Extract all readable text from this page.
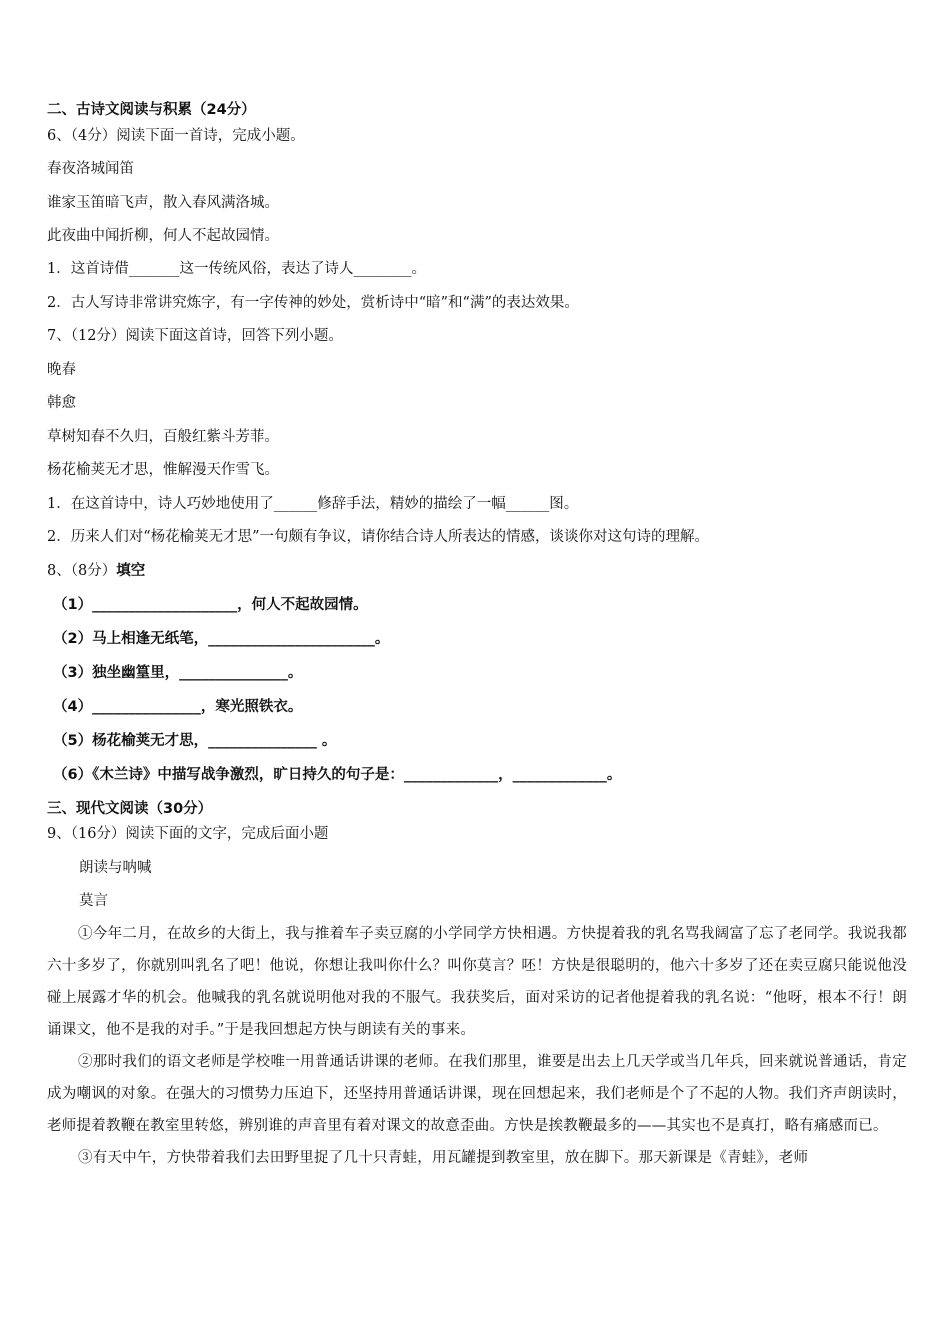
二、古诗文阅读与积累（24分）
6、（4分）阅读下面一首诗，完成小题。
春夜洛城闻笛
谁家玉笛暗飞声，散入春风满洛城。
此夜曲中闻折柳，何人不起故园情。
1．这首诗借_______这一传统风俗，表达了诗人________。
2．古人写诗非常讲究炼字，有一字传神的妙处，赏析诗中“暗”和“满”的表达效果。
7、（12分）阅读下面这首诗，回答下列小题。
晚春
韩愈
草树知春不久归，百般红紫斗芳菲。
杨花榆荚无才思，惟解漫天作雪飞。
1．在这首诗中，诗人巧妙地使用了______修辞手法，精妙的描绘了一幅______图。
2．历来人们对“杨花榆荚无才思”一句颇有争议，请你结合诗人所表达的情感，谈谈你对这句诗的理解。
8、（8分）填空
（1）____________________，何人不起故园情。
（2）马上相逢无纸笔，_______________________。
（3）独坐幽篁里，_______________。
（4）_______________，寒光照铁衣。
（5）杨花榆荚无才思，_______________ 。
（6）《木兰诗》中描写战争激烈，旷日持久的句子是：_____________，_____________。
三、现代文阅读（30分）
9、（16分）阅读下面的文字，完成后面小题
朗读与呐喊
莫言

①今年二月，在故乡的大街上，我与推着车子卖豆腐的小学同学方快相遇。方快提着我的乳名骂我阔富了忘了老同学。我说我都六十多岁了，你就别叫乳名了吧！他说，你想让我叫你什么？叫你莫言？呸！方快是很聪明的，他六十多岁了还在卖豆腐只能说他没碰上展露才华的机会。他喊我的乳名就说明他对我的不服气。我获奖后，面对采访的记者他提着我的乳名说：“他呀，根本不行！朗诵课文，他不是我的对手。”于是我回想起方快与朗读有关的事来。

②那时我们的语文老师是学校唯一用普通话讲课的老师。在我们那里，谁要是出去上几天学或当几年兵，回来就说普通话，肯定成为嘲讽的对象。在强大的习惯势力压迫下，还坚持用普通话讲课，现在回想起来，我们老师是个了不起的人物。我们齐声朗读时，老师提着教鞭在教室里转悠，辨别谁的声音里有着对课文的故意歪曲。方快是挨教鞭最多的——其实也不是真打，略有痛感而已。

③有天中午，方快带着我们去田野里捉了几十只青蛙，用瓦罐提到教室里，放在脚下。那天新课是《青蛙》，老师
